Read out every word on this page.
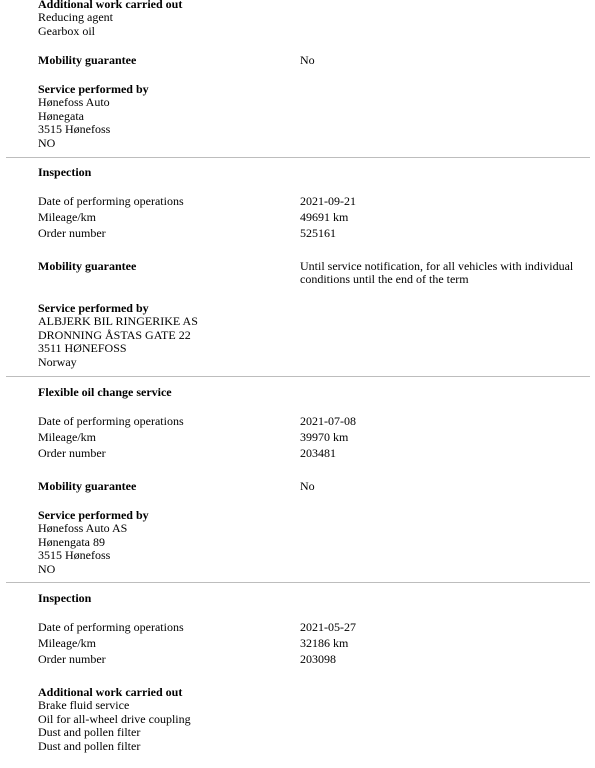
Additional work carried out
Reducing agent
Gearbox oil
Mobility guarantee	No
Service performed by
Hønefoss Auto
Hønegata
3515 Hønefoss
NO
Inspection
Date of performing operations	2021-09-21
Mileage/km	49691 km
Order number	525161
Mobility guarantee	Until service notification, for all vehicles with individual conditions until the end of the term
Service performed by
ALBJERK BIL RINGERIKE AS
DRONNING ÅSTAS GATE 22
3511 HØNEFOSS
Norway
Flexible oil change service
Date of performing operations	2021-07-08
Mileage/km	39970 km
Order number	203481
Mobility guarantee	No
Service performed by
Hønefoss Auto AS
Hønengata 89
3515 Hønefoss
NO
Inspection
Date of performing operations	2021-05-27
Mileage/km	32186 km
Order number	203098
Additional work carried out
Brake fluid service
Oil for all-wheel drive coupling
Dust and pollen filter
Dust and pollen filter
